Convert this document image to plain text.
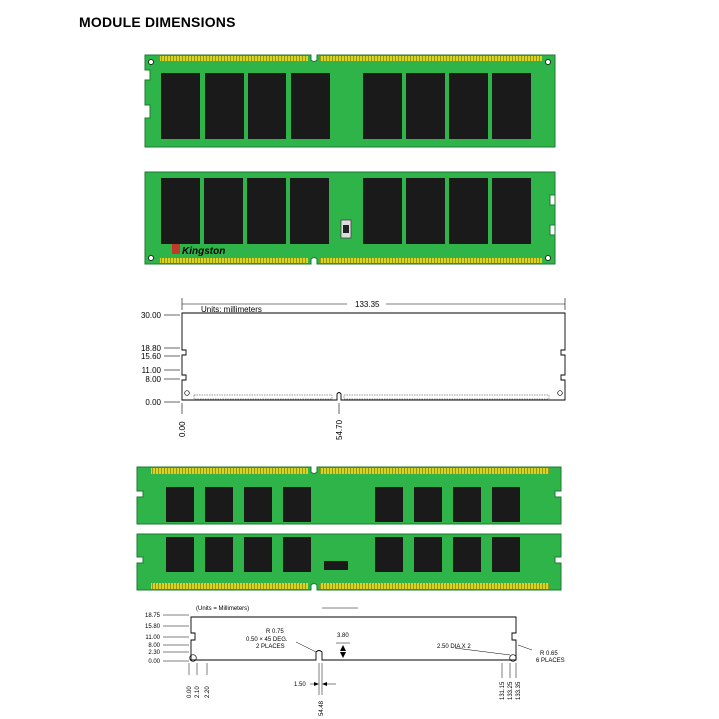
MODULE DIMENSIONS
Kingston
Units: millimeters
133.35
30.00
18.80
15.60
11.00
8.00
0.00
0.00	54.70
(Units = Millimeters)
18.75
15.80
11.00
8.00
2.30
0.00
R 0.75
0.50 × 45 DEG.
2 PLACES
3.80
2.50 DIA X 2
R 0.65
6 PLACES
1.50
0.00 2.10 2.20
54.48
131.15 133.25 133.35
